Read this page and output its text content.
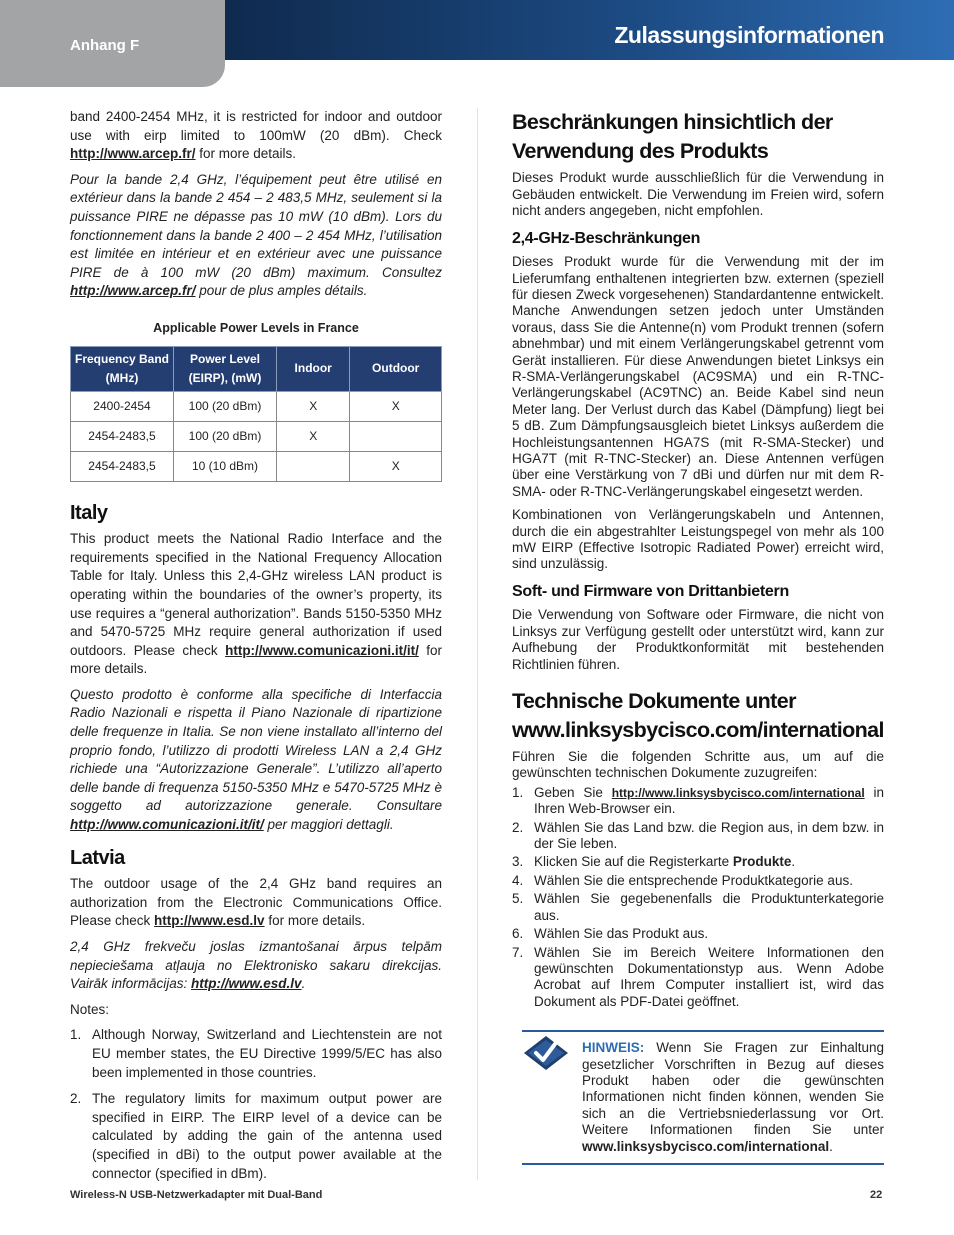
Anhang F	Zulassungsinformationen

band 2400-2454 MHz, it is restricted for indoor and outdoor use with eirp limited to 100mW (20 dBm). Check http://www.arcep.fr/ for more details.

Pour la bande 2,4 GHz, l’équipement peut être utilisé en extérieur dans la bande 2 454 – 2 483,5 MHz, seulement si la puissance PIRE ne dépasse pas 10 mW (10 dBm). Lors du fonctionnement dans la bande 2 400 – 2 454 MHz, l’utilisation est limitée en intérieur et en extérieur avec une puissance PIRE de à 100 mW (20 dBm) maximum. Consultez http://www.arcep.fr/ pour de plus amples détails.

Applicable Power Levels in France
Frequency Band (MHz)	Power Level (EIRP), (mW)	Indoor	Outdoor
2400-2454	100 (20 dBm)	X	X
2454-2483,5	100 (20 dBm)	X	
2454-2483,5	10 (10 dBm)		X
Italy

This product meets the National Radio Interface and the requirements specified in the National Frequency Allocation Table for Italy. Unless this 2,4-GHz wireless LAN product is operating within the boundaries of the owner’s property, its use requires a “general authorization”. Bands 5150-5350 MHz and 5470-5725 MHz require general authorization if used outdoors. Please check http://www.comunicazioni.it/it/ for more details.

Questo prodotto è conforme alla specifiche di Interfaccia Radio Nazionali e rispetta il Piano Nazionale di ripartizione delle frequenze in Italia. Se non viene installato all’interno del proprio fondo, l’utilizzo di prodotti Wireless LAN a 2,4 GHz richiede una “Autorizzazione Generale”. L’utilizzo all’aperto delle bande di frequenza 5150-5350 MHz e 5470-5725 MHz è soggetto ad autorizzazione generale. Consultare http://www.comunicazioni.it/it/ per maggiori dettagli.

Latvia

The outdoor usage of the 2,4 GHz band requires an authorization from the Electronic Communications Office. Please check http://www.esd.lv for more details.

2,4 GHz frekveču joslas izmantošanai ārpus telpām nepieciešama atļauja no Elektronisko sakaru direkcijas. Vairāk informācijas: http://www.esd.lv.

Notes:

1. Although Norway, Switzerland and Liechtenstein are not EU member states, the EU Directive 1999/5/EC has also been implemented in those countries.
2. The regulatory limits for maximum output power are specified in EIRP. The EIRP level of a device can be calculated by adding the gain of the antenna used (specified in dBi) to the output power available at the connector (specified in dBm).
Beschränkungen hinsichtlich der Verwendung des Produkts

Dieses Produkt wurde ausschließlich für die Verwendung in Gebäuden entwickelt. Die Verwendung im Freien wird, sofern nicht anders angegeben, nicht empfohlen.

2,4-GHz-Beschränkungen

Dieses Produkt wurde für die Verwendung mit der im Lieferumfang enthaltenen integrierten bzw. externen (speziell für diesen Zweck vorgesehenen) Standardantenne entwickelt. Manche Anwendungen setzen jedoch unter Umständen voraus, dass Sie die Antenne(n) vom Produkt trennen (sofern abnehmbar) und mit einem Verlängerungskabel getrennt vom Gerät installieren. Für diese Anwendungen bietet Linksys ein R-SMA-Verlängerungskabel (AC9SMA) und ein R-TNC-Verlängerungskabel (AC9TNC) an. Beide Kabel sind neun Meter lang. Der Verlust durch das Kabel (Dämpfung) liegt bei 5 dB. Zum Dämpfungsausgleich bietet Linksys außerdem die Hochleistungsantennen HGA7S (mit R-SMA-Stecker) und HGA7T (mit R-TNC-Stecker) an. Diese Antennen verfügen über eine Verstärkung von 7 dBi und dürfen nur mit dem R-SMA- oder R-TNC-Verlängerungskabel eingesetzt werden.

Kombinationen von Verlängerungskabeln und Antennen, durch die ein abgestrahlter Leistungspegel von mehr als 100 mW EIRP (Effective Isotropic Radiated Power) erreicht wird, sind unzulässig.

Soft- und Firmware von Drittanbietern

Die Verwendung von Software oder Firmware, die nicht von Linksys zur Verfügung gestellt oder unterstützt wird, kann zur Aufhebung der Produktkonformität mit bestehenden Richtlinien führen.

Technische Dokumente unter www.linksysbycisco.com/international

Führen Sie die folgenden Schritte aus, um auf die gewünschten technischen Dokumente zuzugreifen:

1. Geben Sie http://www.linksysbycisco.com/international in Ihren Web-Browser ein.
2. Wählen Sie das Land bzw. die Region aus, in dem bzw. in der Sie leben.
3. Klicken Sie auf die Registerkarte Produkte.
4. Wählen Sie die entsprechende Produktkategorie aus.
5. Wählen Sie gegebenenfalls die Produktunterkategorie aus.
6. Wählen Sie das Produkt aus.
7. Wählen Sie im Bereich Weitere Informationen den gewünschten Dokumentationstyp aus. Wenn Adobe Acrobat auf Ihrem Computer installiert ist, wird das Dokument als PDF-Datei geöffnet.

HINWEIS: Wenn Sie Fragen zur Einhaltung gesetzlicher Vorschriften in Bezug auf dieses Produkt haben oder die gewünschten Informationen nicht finden können, wenden Sie sich an die Vertriebsniederlassung vor Ort. Weitere Informationen finden Sie unter www.linksysbycisco.com/international.

Wireless-N USB-Netzwerkadapter mit Dual-Band	22
